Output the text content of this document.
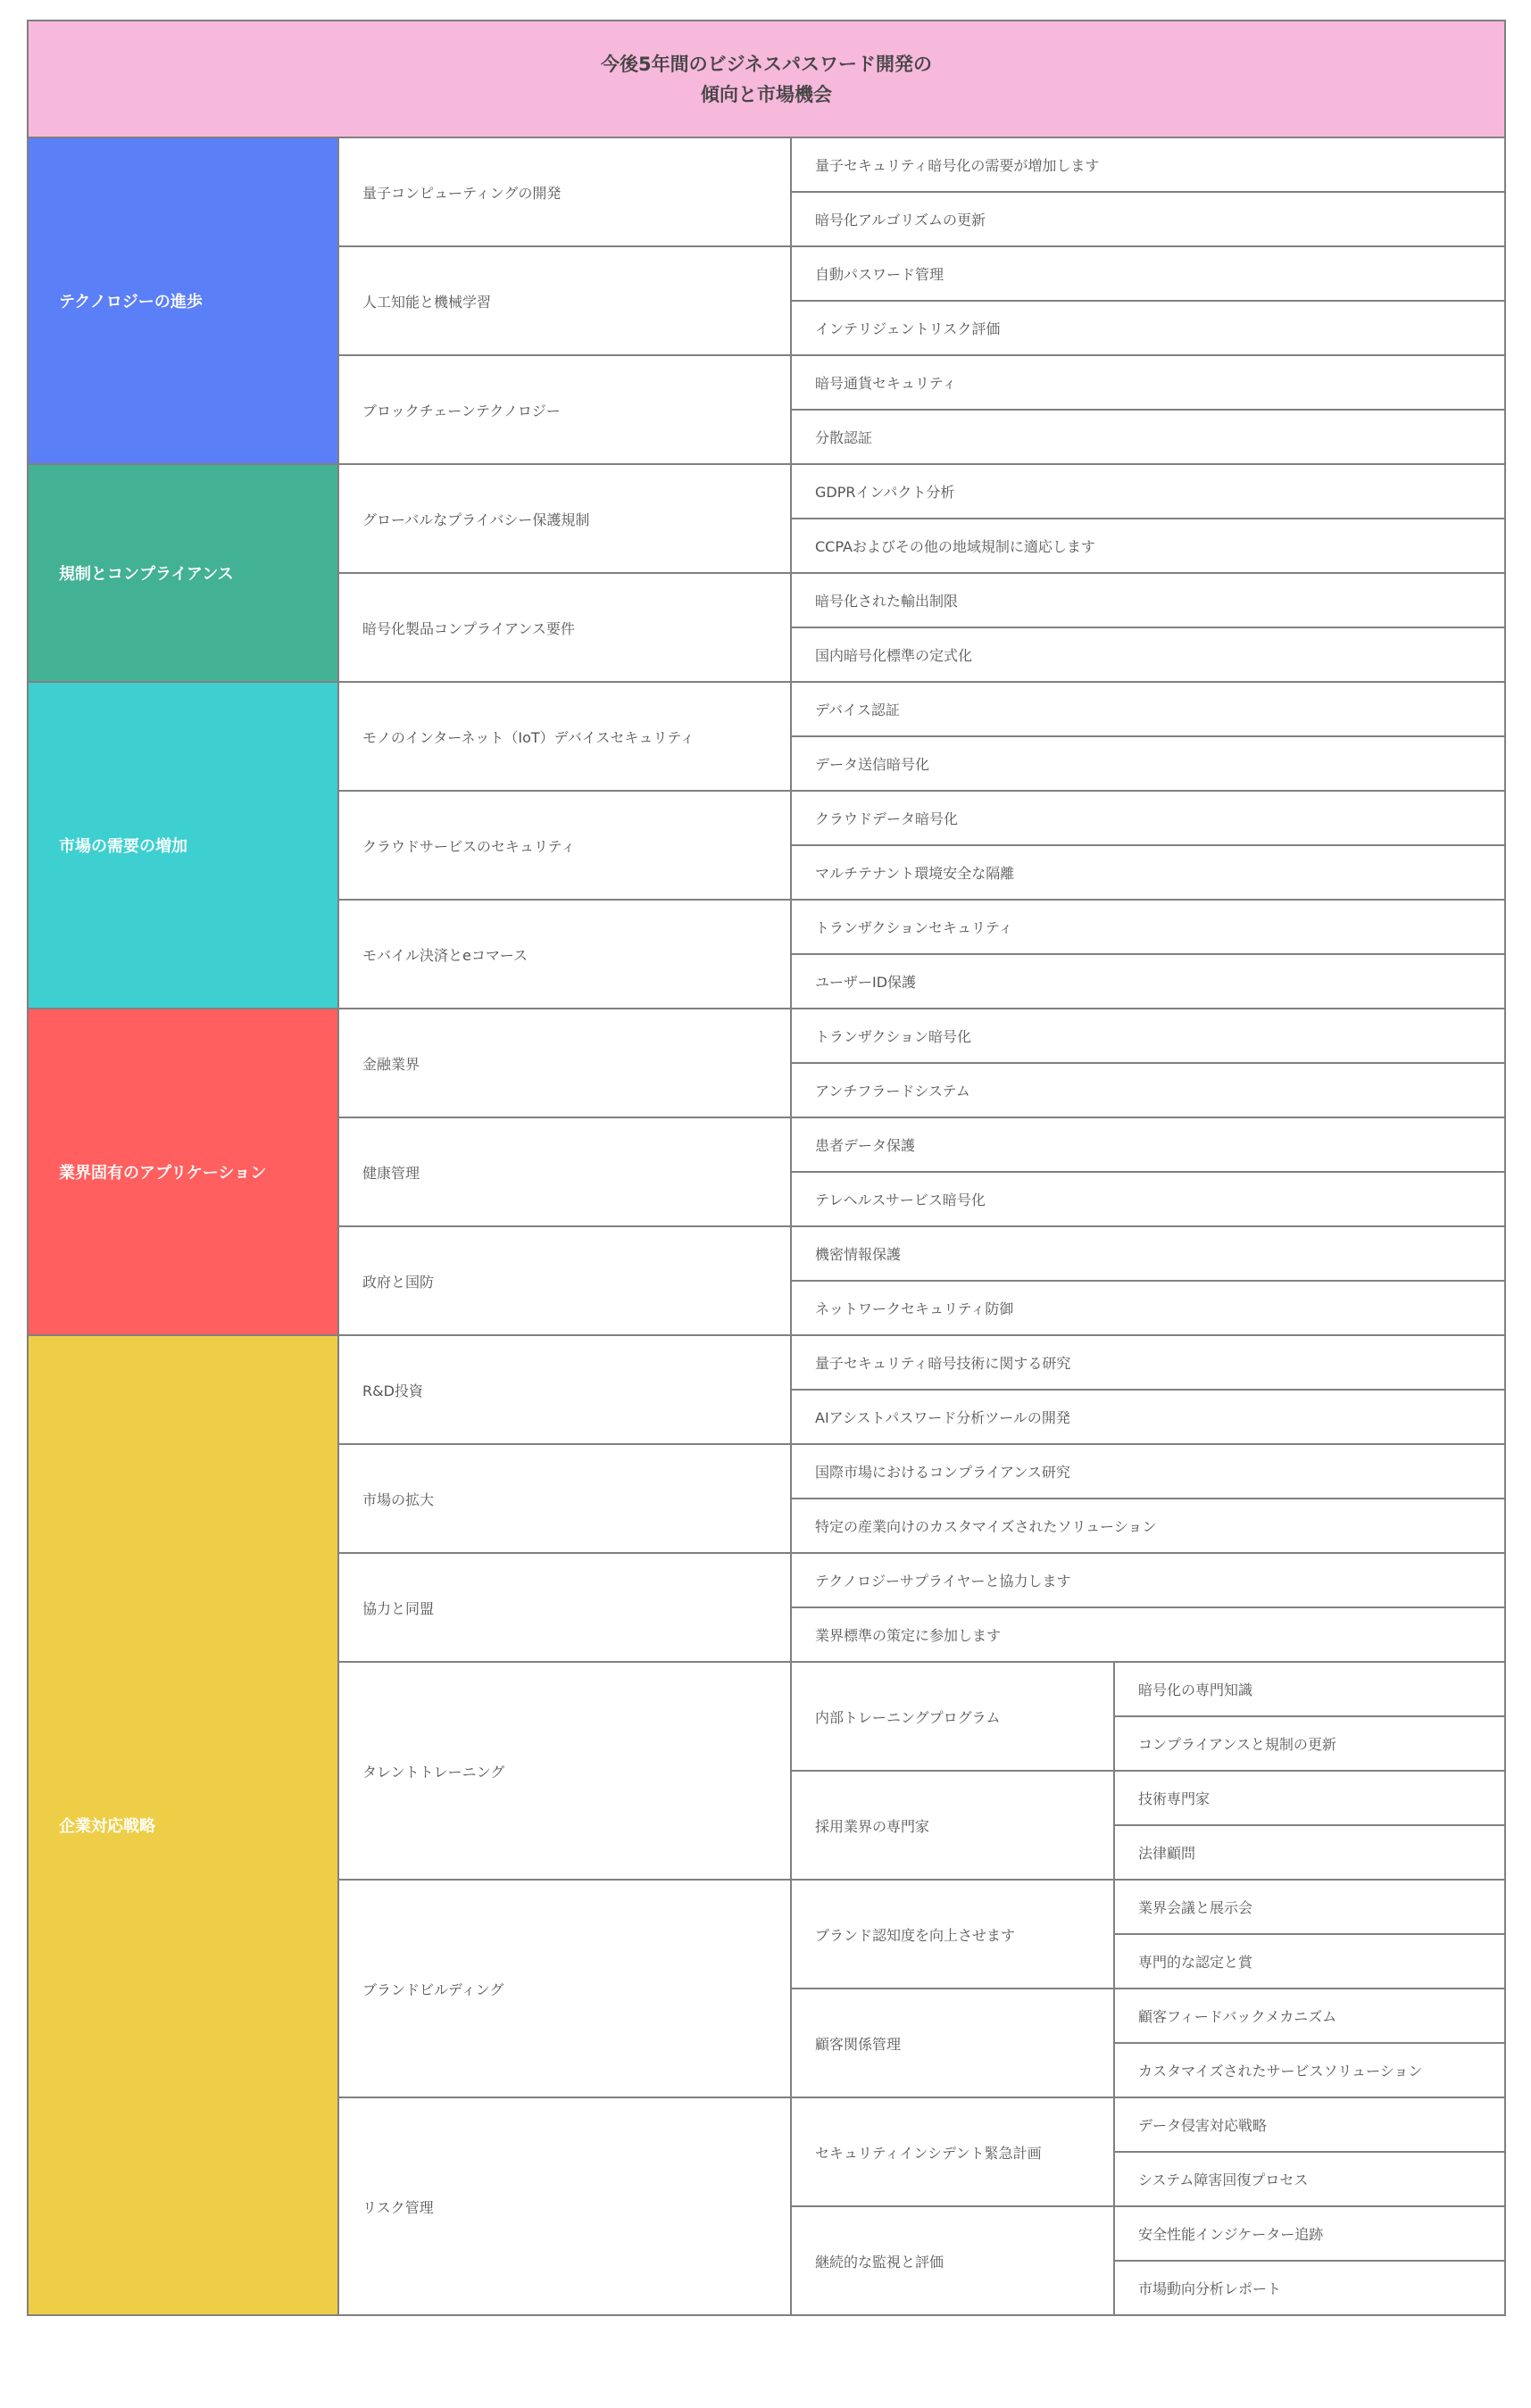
今後5年間のビジネスパスワード開発の
傾向と市場機会			

テクノロジーの進歩	量子コンピューティングの開発	量子セキュリティ暗号化の需要が増加します	
		暗号化アルゴリズムの更新	
	人工知能と機械学習	自動パスワード管理	
		インテリジェントリスク評価	
	ブロックチェーンテクノロジー	暗号通貨セキュリティ	
		分散認証	
規制とコンプライアンス	グローバルなプライバシー保護規制	GDPRインパクト分析	
		CCPAおよびその他の地域規制に適応します	
	暗号化製品コンプライアンス要件	暗号化された輸出制限	
		国内暗号化標準の定式化	
市場の需要の増加	モノのインターネット（IoT）デバイスセキュリティ	デバイス認証	
		データ送信暗号化	
	クラウドサービスのセキュリティ	クラウドデータ暗号化	
		マルチテナント環境安全な隔離	
	モバイル決済とeコマース	トランザクションセキュリティ	
		ユーザーID保護	
業界固有のアプリケーション	金融業界	トランザクション暗号化	
		アンチフラードシステム	
	健康管理	患者データ保護	
		テレヘルスサービス暗号化	
	政府と国防	機密情報保護	
		ネットワークセキュリティ防御	
企業対応戦略	R&D投資	量子セキュリティ暗号技術に関する研究	
		AIアシストパスワード分析ツールの開発	
	市場の拡大	国際市場におけるコンプライアンス研究	
		特定の産業向けのカスタマイズされたソリューション	
	協力と同盟	テクノロジーサプライヤーと協力します	
		業界標準の策定に参加します	
	タレントトレーニング	内部トレーニングプログラム	暗号化の専門知識
			コンプライアンスと規制の更新
		採用業界の専門家	技術専門家
			法律顧問
	ブランドビルディング	ブランド認知度を向上させます	業界会議と展示会
			専門的な認定と賞
		顧客関係管理	顧客フィードバックメカニズム
			カスタマイズされたサービスソリューション
	リスク管理	セキュリティインシデント緊急計画	データ侵害対応戦略
			システム障害回復プロセス
		継続的な監視と評価	安全性能インジケーター追跡
			市場動向分析レポート
